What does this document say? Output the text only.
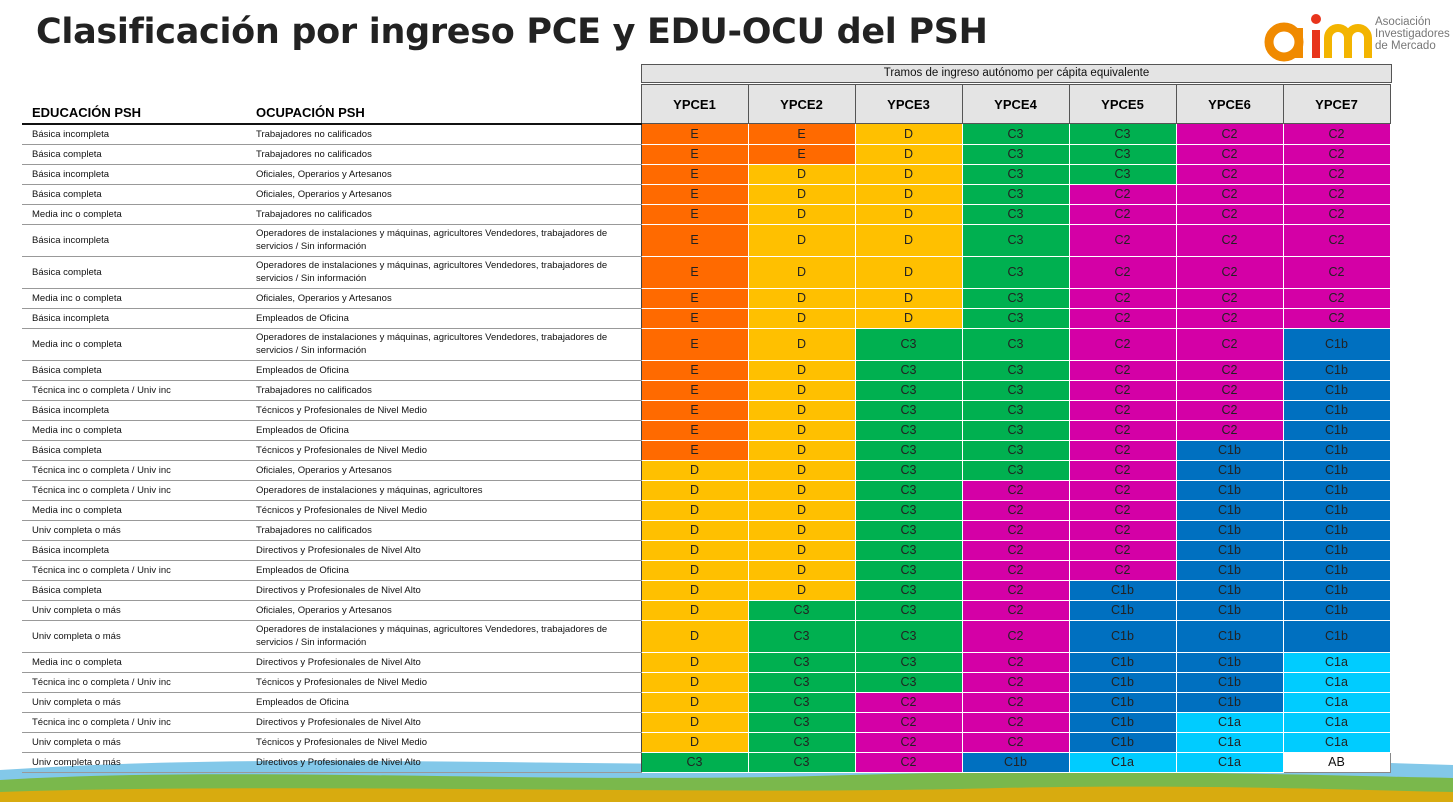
Clasificación por ingreso PCE y EDU-OCU del PSH	Asociación
Investigadores
de Mercado
Tramos de ingreso autónomo per cápita equivalente
EDUCACIÓN PSH	OCUPACIÓN PSH	YPCE1	YPCE2	YPCE3	YPCE4	YPCE5	YPCE6	YPCE7
Básica incompleta	Trabajadores no calificados	E	E	D	C3	C3	C2	C2
Básica completa	Trabajadores no calificados	E	E	D	C3	C3	C2	C2
Básica incompleta	Oficiales, Operarios y Artesanos	E	D	D	C3	C3	C2	C2
Básica completa	Oficiales, Operarios y Artesanos	E	D	D	C3	C2	C2	C2
Media inc o completa	Trabajadores no calificados	E	D	D	C3	C2	C2	C2
Básica incompleta	Operadores de instalaciones y máquinas, agricultores Vendedores, trabajadores de servicios / Sin información	E	D	D	C3	C2	C2	C2
Básica completa	Operadores de instalaciones y máquinas, agricultores Vendedores, trabajadores de servicios / Sin información	E	D	D	C3	C2	C2	C2
Media inc o completa	Oficiales, Operarios y Artesanos	E	D	D	C3	C2	C2	C2
Básica incompleta	Empleados de Oficina	E	D	D	C3	C2	C2	C2
Media inc o completa	Operadores de instalaciones y máquinas, agricultores Vendedores, trabajadores de servicios / Sin información	E	D	C3	C3	C2	C2	C1b
Básica completa	Empleados de Oficina	E	D	C3	C3	C2	C2	C1b
Técnica inc o completa / Univ inc	Trabajadores no calificados	E	D	C3	C3	C2	C2	C1b
Básica incompleta	Técnicos y Profesionales de Nivel Medio	E	D	C3	C3	C2	C2	C1b
Media inc o completa	Empleados de Oficina	E	D	C3	C3	C2	C2	C1b
Básica completa	Técnicos y Profesionales de Nivel Medio	E	D	C3	C3	C2	C1b	C1b
Técnica inc o completa / Univ inc	Oficiales, Operarios y Artesanos	D	D	C3	C3	C2	C1b	C1b
Técnica inc o completa / Univ inc	Operadores de instalaciones y máquinas, agricultores	D	D	C3	C2	C2	C1b	C1b
Media inc o completa	Técnicos y Profesionales de Nivel Medio	D	D	C3	C2	C2	C1b	C1b
Univ completa o más	Trabajadores no calificados	D	D	C3	C2	C2	C1b	C1b
Básica incompleta	Directivos y Profesionales de Nivel Alto	D	D	C3	C2	C2	C1b	C1b
Técnica inc o completa / Univ inc	Empleados de Oficina	D	D	C3	C2	C2	C1b	C1b
Básica completa	Directivos y Profesionales de Nivel Alto	D	D	C3	C2	C1b	C1b	C1b
Univ completa o más	Oficiales, Operarios y Artesanos	D	C3	C3	C2	C1b	C1b	C1b
Univ completa o más	Operadores de instalaciones y máquinas, agricultores Vendedores, trabajadores de servicios / Sin información	D	C3	C3	C2	C1b	C1b	C1b
Media inc o completa	Directivos y Profesionales de Nivel Alto	D	C3	C3	C2	C1b	C1b	C1a
Técnica inc o completa / Univ inc	Técnicos y Profesionales de Nivel Medio	D	C3	C3	C2	C1b	C1b	C1a
Univ completa o más	Empleados de Oficina	D	C3	C2	C2	C1b	C1b	C1a
Técnica inc o completa / Univ inc	Directivos y Profesionales de Nivel Alto	D	C3	C2	C2	C1b	C1a	C1a
Univ completa o más	Técnicos y Profesionales de Nivel Medio	D	C3	C2	C2	C1b	C1a	C1a
Univ completa o más	Directivos y Profesionales de Nivel Alto	C3	C3	C2	C1b	C1a	C1a	AB
